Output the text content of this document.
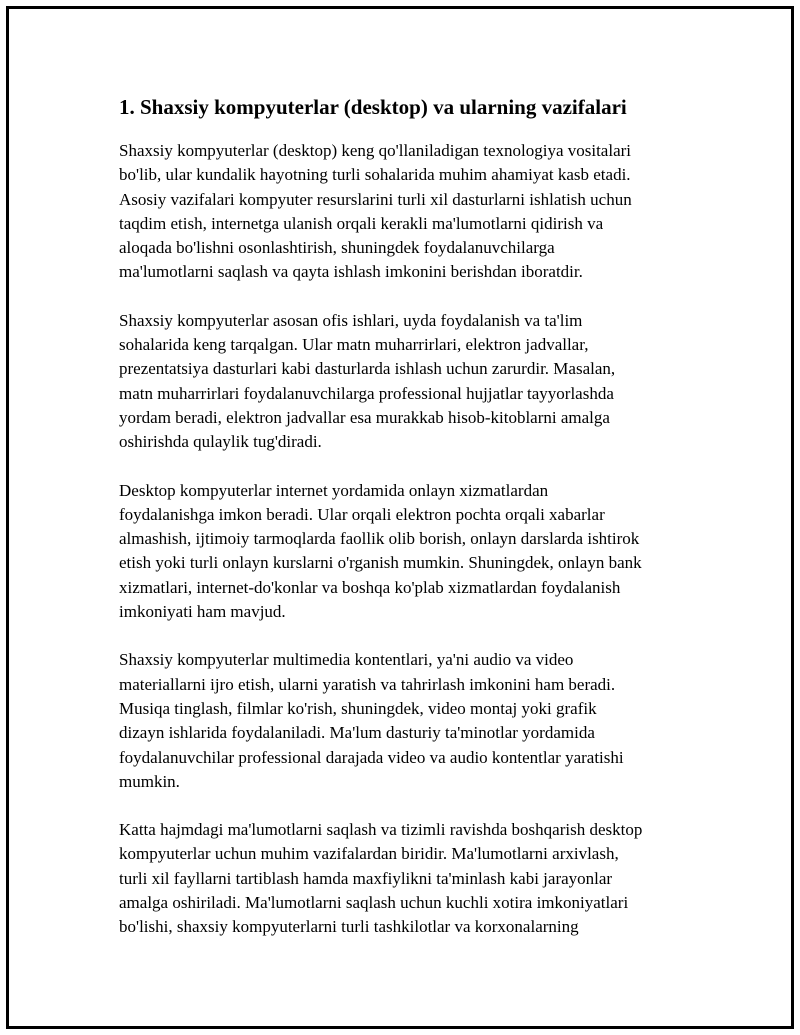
1. Shaxsiy kompyuterlar (desktop) va ularning vazifalari

Shaxsiy kompyuterlar (desktop) keng qo'llaniladigan texnologiya vositalari
bo'lib, ular kundalik hayotning turli sohalarida muhim ahamiyat kasb etadi.
Asosiy vazifalari kompyuter resurslarini turli xil dasturlarni ishlatish uchun
taqdim etish, internetga ulanish orqali kerakli ma'lumotlarni qidirish va
aloqada bo'lishni osonlashtirish, shuningdek foydalanuvchilarga
ma'lumotlarni saqlash va qayta ishlash imkonini berishdan iboratdir.

Shaxsiy kompyuterlar asosan ofis ishlari, uyda foydalanish va ta'lim
sohalarida keng tarqalgan. Ular matn muharrirlari, elektron jadvallar,
prezentatsiya dasturlari kabi dasturlarda ishlash uchun zarurdir. Masalan,
matn muharrirlari foydalanuvchilarga professional hujjatlar tayyorlashda
yordam beradi, elektron jadvallar esa murakkab hisob-kitoblarni amalga
oshirishda qulaylik tug'diradi.

Desktop kompyuterlar internet yordamida onlayn xizmatlardan
foydalanishga imkon beradi. Ular orqali elektron pochta orqali xabarlar
almashish, ijtimoiy tarmoqlarda faollik olib borish, onlayn darslarda ishtirok
etish yoki turli onlayn kurslarni o'rganish mumkin. Shuningdek, onlayn bank
xizmatlari, internet-do'konlar va boshqa ko'plab xizmatlardan foydalanish
imkoniyati ham mavjud.

Shaxsiy kompyuterlar multimedia kontentlari, ya'ni audio va video
materiallarni ijro etish, ularni yaratish va tahrirlash imkonini ham beradi.
Musiqa tinglash, filmlar ko'rish, shuningdek, video montaj yoki grafik
dizayn ishlarida foydalaniladi. Ma'lum dasturiy ta'minotlar yordamida
foydalanuvchilar professional darajada video va audio kontentlar yaratishi
mumkin.

Katta hajmdagi ma'lumotlarni saqlash va tizimli ravishda boshqarish desktop
kompyuterlar uchun muhim vazifalardan biridir. Ma'lumotlarni arxivlash,
turli xil fayllarni tartiblash hamda maxfiylikni ta'minlash kabi jarayonlar
amalga oshiriladi. Ma'lumotlarni saqlash uchun kuchli xotira imkoniyatlari
bo'lishi, shaxsiy kompyuterlarni turli tashkilotlar va korxonalarning
